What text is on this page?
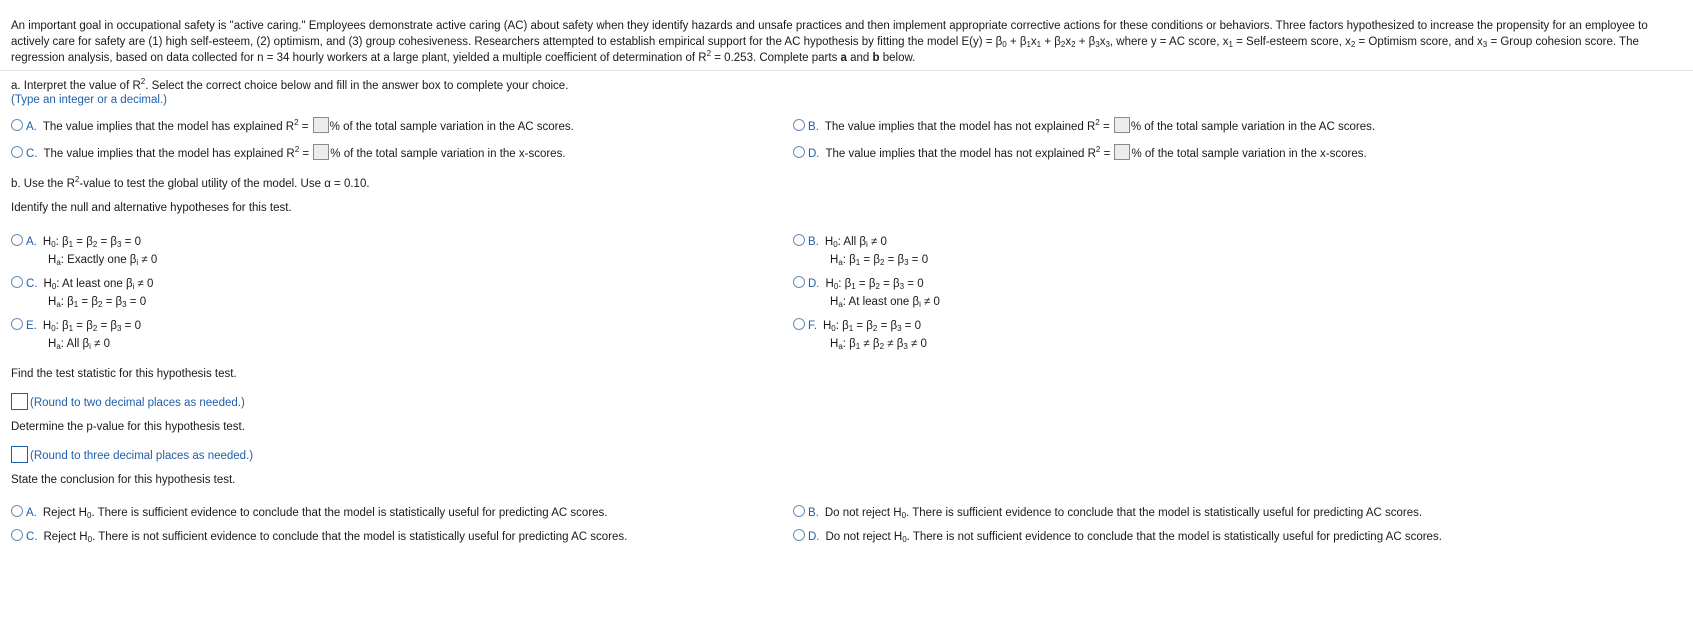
An important goal in occupational safety is "active caring." Employees demonstrate active caring (AC) about safety when they identify hazards and unsafe practices and then implement appropriate corrective actions for these conditions or behaviors. Three factors hypothesized to increase the propensity for an employee to actively care for safety are (1) high self-esteem, (2) optimism, and (3) group cohesiveness. Researchers attempted to establish empirical support for the AC hypothesis by fitting the model $E(y) = \beta_0 + \beta_1x_1 + \beta_2x_2 + \beta_3x_3$, where y = AC score, $x_1$ = Self-esteem score, $x_2$ = Optimism score, and $x_3$ = Group cohesion score. The regression analysis, based on data collected for n = 34 hourly workers at a large plant, yielded a multiple coefficient of determination of $R^2 = 0.253$. Complete parts a and b below.
a. Interpret the value of $R^2$. Select the correct choice below and fill in the answer box to complete your choice.
(Type an integer or a decimal.)
A. The value implies that the model has explained $R^2$ = % of the total sample variation in the AC scores.	B. The value implies that the model has not explained $R^2$ = % of the total sample variation in the AC scores.
C. The value implies that the model has explained $R^2$ = % of the total sample variation in the x-scores.	D. The value implies that the model has not explained $R^2$ = % of the total sample variation in the x-scores.
b. Use the $R^2$-value to test the global utility of the model. Use α = 0.10.
Identify the null and alternative hypotheses for this test.
A. $H_0$: $\beta_1 = \beta_2 = \beta_3 = 0$
$H_a$: Exactly one $\beta_i \ne 0$
B. $H_0$: All $\beta_i \ne 0$
$H_a$: $\beta_1 = \beta_2 = \beta_3 = 0$
C. $H_0$: At least one $\beta_i \ne 0$
$H_a$: $\beta_1 = \beta_2 = \beta_3 = 0$
D. $H_0$: $\beta_1 = \beta_2 = \beta_3 = 0$
$H_a$: At least one $\beta_i \ne 0$
E. $H_0$: $\beta_1 = \beta_2 = \beta_3 = 0$
$H_a$: All $\beta_i \ne 0$
F. $H_0$: $\beta_1 = \beta_2 = \beta_3 = 0$
$H_a$: $\beta_1 \ne \beta_2 \ne \beta_3 \ne 0$
Find the test statistic for this hypothesis test.
(Round to two decimal places as needed.)
Determine the p-value for this hypothesis test.
(Round to three decimal places as needed.)
State the conclusion for this hypothesis test.
A. Reject $H_0$. There is sufficient evidence to conclude that the model is statistically useful for predicting AC scores.	B. Do not reject $H_0$. There is sufficient evidence to conclude that the model is statistically useful for predicting AC scores.
C. Reject $H_0$. There is not sufficient evidence to conclude that the model is statistically useful for predicting AC scores.	D. Do not reject $H_0$. There is not sufficient evidence to conclude that the model is statistically useful for predicting AC scores.
